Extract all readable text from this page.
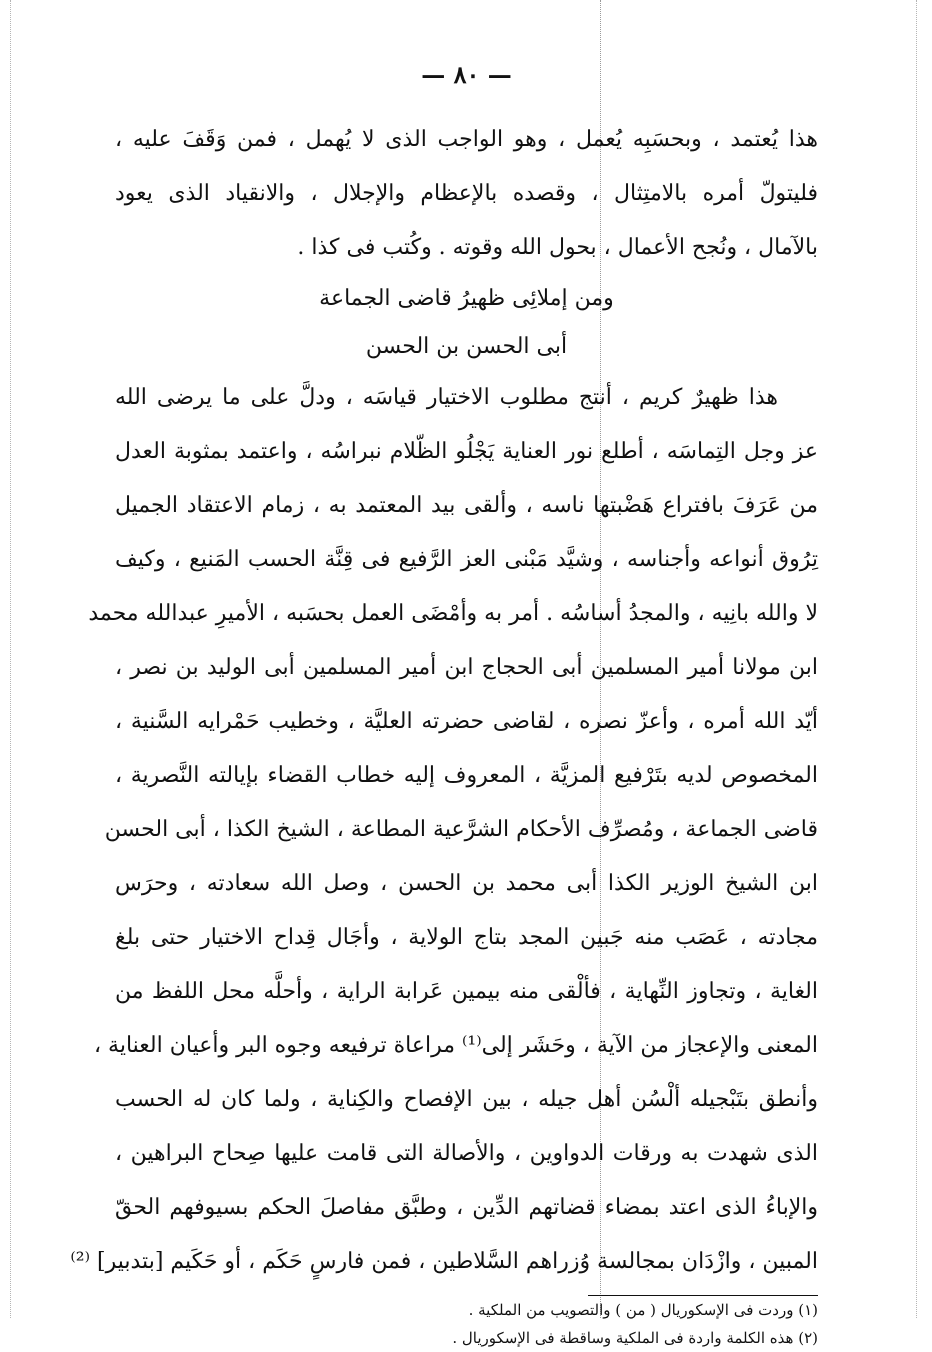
— ٨٠ —
هذا يُعتمد ، وبحسَبِه يُعمل ، وهو الواجب الذى لا يُهمل ، فمن وَقَفَ عليه ،
فليتولّ أمره بالامتِثال ، وقصده بالإعظام والإجلال ، والانقياد الذى يعود
بالآمال ، ونُجح الأعمال ، بحول الله وقوته . وكُتب فى كذا .
ومن إملائِى ظهيرُ قاضى الجماعة
أبى الحسن بن الحسن
هذا ظهيرٌ كريم ، أنتج مطلوب الاختيار قياسَه ، ودلَّ على ما يرضى الله
عز وجل التِماسَه ، أطلع نور العناية يَجْلُو الظّلام نبراسُه ، واعتمد بمثوبة العدل
من عَرَفَ بافتراع هَضْبتها ناسه ، وألقى بيد المعتمد به ، زمام الاعتقاد الجميل
تِرُوق أنواعه وأجناسه ، وشيَّد مَبْنى العز الرَّفيع فى قِنَّة الحسب المَنيع ، وكيف
لا والله بانِيه ، والمجدُ أساسُه . أمر به وأمْضَى العمل بحسَبه ، الأميرِ عبدالله محمد
ابن مولانا أمير المسلمين أبى الحجاج ابن أمير المسلمين أبى الوليد بن نصر ،
أيّد الله أمره ، وأعزّ نصره ، لقاضى حضرته العليَّة ، وخطيب حَمْرايه السَّنية ،
المخصوص لديه بتَرْفيع المزيَّة ، المعروف إليه خطاب القضاء بإيالته النَّصرية ،
قاضى الجماعة ، ومُصرِّف الأحكام الشرَّعية المطاعة ، الشيخ الكذا ، أبى الحسن
ابن الشيخ الوزير الكذا أبى محمد بن الحسن ، وصل الله سعادته ، وحرَس
مجادته ، عَصَب منه جَبين المجد بتاج الولاية ، وأجَال قِداح الاختيار حتى بلغ
الغاية ، وتجاوز النِّهاية ، فألْقى منه بيمين عَرابة الراية ، وأحلَّه محل اللفظ من
المعنى والإعجاز من الآية ، وحَشَر إلى⁽¹⁾ مراعاة ترفيعه وجوه البر وأعيان العناية ،
وأنطق بتَبْجيله ألْسُن أهل جيله ، بين الإفصاح والكِناية ، ولما كان له الحسب
الذى شهدت به ورقات الدواوين ، والأصالة التى قامت عليها صِحاح البراهين ،
والإباءُ الذى اعتد بمضاء قضاتهم الدِّين ، وطبَّق مفاصلَ الحكم بسيوفهم الحقّ
المبين ، وازْدَان بمجالسة وُزراهم السَّلاطين ، فمن فارسٍ حَكَم ، أو حَكَيم [بتدبير] ⁽²⁾
(١) وردت فى الإسكوريال ( من ) والتصويب من الملكية .
(٢) هذه الكلمة واردة فى الملكية وساقطة فى الإسكوريال .
